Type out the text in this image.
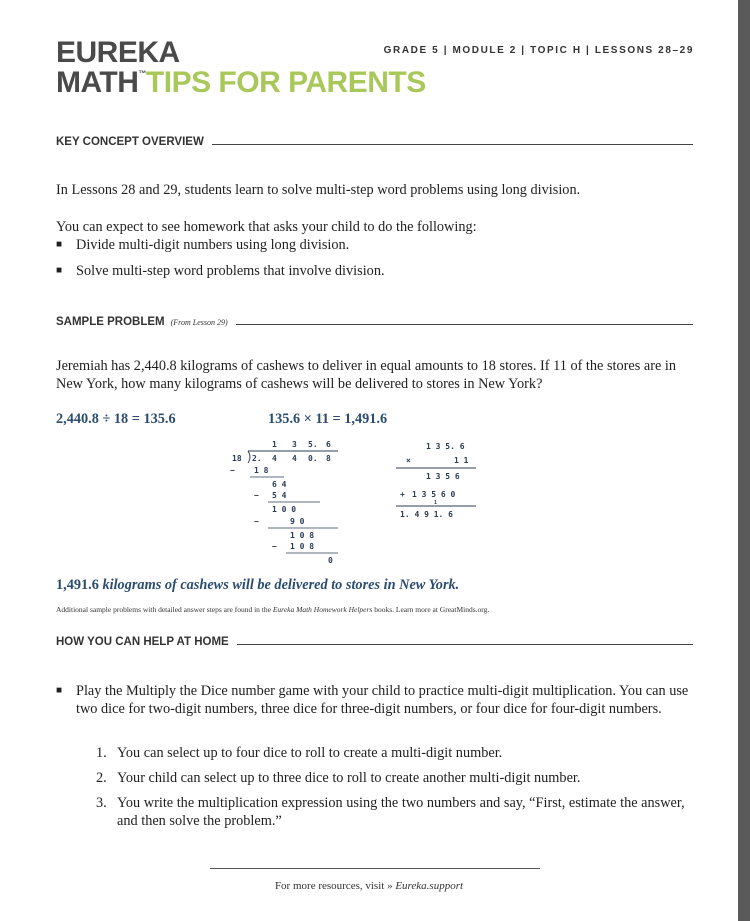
EUREKA
MATH™TIPS FOR PARENTS
GRADE 5 | MODULE 2 | TOPIC H | LESSONS 28–29
KEY CONCEPT OVERVIEW
In Lessons 28 and 29, students learn to solve multi-step word problems using long division.
You can expect to see homework that asks your child to do the following:
■ Divide multi-digit numbers using long division.
■ Solve multi-step word problems that involve division.
SAMPLE PROBLEM (From Lesson 29)
Jeremiah has 2,440.8 kilograms of cashews to deliver in equal amounts to 18 stores. If 11 of the stores are in New York, how many kilograms of cashews will be delivered to stores in New York?
2,440.8 ÷ 18 = 135.6	135.6 × 11 = 1,491.6
1 3 5. 6
18 2. 4 4 0. 8
− 1 8
6 4
− 5 4
1 0 0
−	9 0
1 0 8
− 1 0 8
0
1 3 5. 6
×	1 1
1 3 5 6
+ 1 3 5 6 0
1
1. 4 9 1. 6
1,491.6 kilograms of cashews will be delivered to stores in New York.
Additional sample problems with detailed answer steps are found in the Eureka Math Homework Helpers books. Learn more at GreatMinds.org.
HOW YOU CAN HELP AT HOME
■ Play the Multiply the Dice number game with your child to practice multi-digit multiplication. You can use two dice for two-digit numbers, three dice for three-digit numbers, or four dice for four-digit numbers.
1. You can select up to four dice to roll to create a multi-digit number.
2. Your child can select up to three dice to roll to create another multi-digit number.
3. You write the multiplication expression using the two numbers and say, “First, estimate the answer, and then solve the problem.”
For more resources, visit » Eureka.support
